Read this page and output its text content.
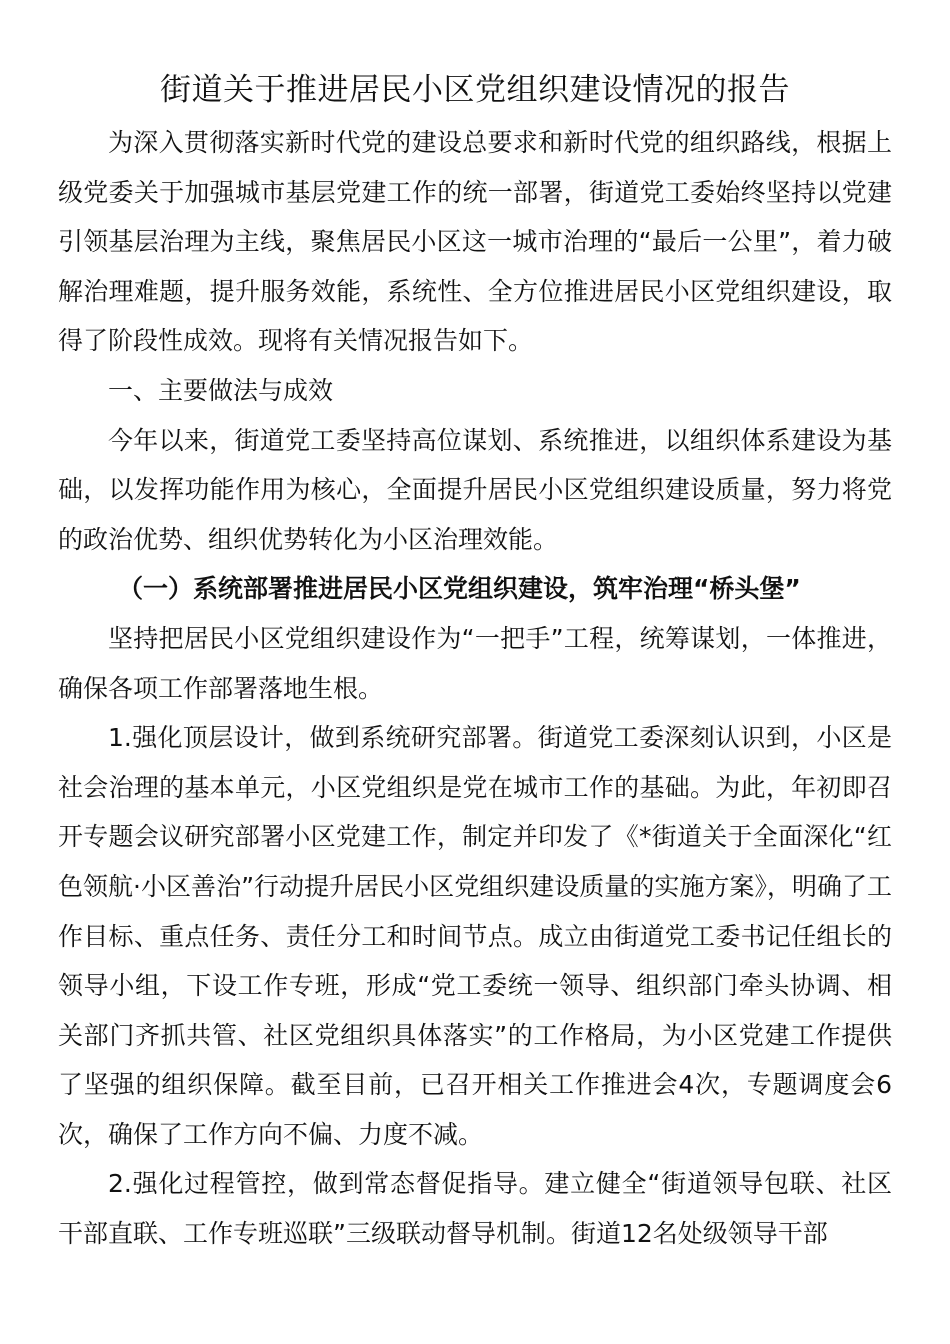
街道关于推进居民小区党组织建设情况的报告

为深入贯彻落实新时代党的建设总要求和新时代党的组织路线，根据上级党委关于加强城市基层党建工作的统一部署，街道党工委始终坚持以党建引领基层治理为主线，聚焦居民小区这一城市治理的“最后一公里”，着力破解治理难题，提升服务效能，系统性、全方位推进居民小区党组织建设，取得了阶段性成效。现将有关情况报告如下。

一、主要做法与成效

今年以来，街道党工委坚持高位谋划、系统推进，以组织体系建设为基础，以发挥功能作用为核心，全面提升居民小区党组织建设质量，努力将党的政治优势、组织优势转化为小区治理效能。

（一）系统部署推进居民小区党组织建设，筑牢治理“桥头堡”

坚持把居民小区党组织建设作为“一把手”工程，统筹谋划，一体推进，确保各项工作部署落地生根。

1.强化顶层设计，做到系统研究部署。街道党工委深刻认识到，小区是社会治理的基本单元，小区党组织是党在城市工作的基础。为此，年初即召开专题会议研究部署小区党建工作，制定并印发了《*街道关于全面深化“红色领航·小区善治”行动提升居民小区党组织建设质量的实施方案》，明确了工作目标、重点任务、责任分工和时间节点。成立由街道党工委书记任组长的领导小组，下设工作专班，形成“党工委统一领导、组织部门牵头协调、相关部门齐抓共管、社区党组织具体落实”的工作格局，为小区党建工作提供了坚强的组织保障。截至目前，已召开相关工作推进会4次，专题调度会6次，确保了工作方向不偏、力度不减。

2.强化过程管控，做到常态督促指导。建立健全“街道领导包联、社区干部直联、工作专班巡联”三级联动督导机制。街道12名处级领导干部
